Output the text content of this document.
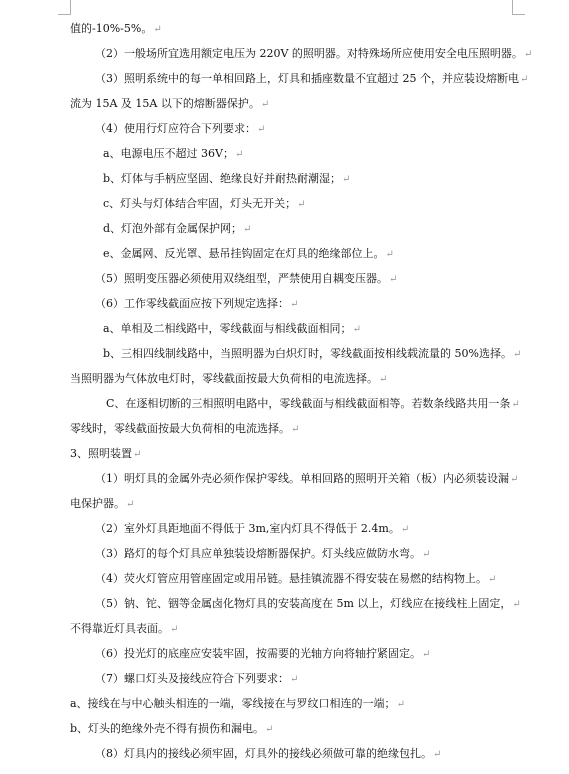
值的-10%-5%。↵
（2）一般场所宜选用额定电压为 220V 的照明器。对特殊场所应使用安全电压照明器。↵
（3）照明系统中的每一单相回路上，灯具和插座数量不宜超过 25 个，并应装设熔断电↵
流为 15A 及 15A 以下的熔断器保护。↵
（4）使用行灯应符合下列要求：↵
a、电源电压不超过 36V；↵
b、灯体与手柄应坚固、绝缘良好并耐热耐潮湿；↵
c、灯头与灯体结合牢固，灯头无开关；↵
d、灯泡外部有金属保护网；↵
e、金属网、反光罩、悬吊挂钩固定在灯具的绝缘部位上。↵
（5）照明变压器必须使用双绕组型，严禁使用自耦变压器。↵
（6）工作零线截面应按下列规定选择：↵
a、单相及二相线路中，零线截面与相线截面相同；↵
b、三相四线制线路中，当照明器为白炽灯时，零线截面按相线载流量的 50%选择。↵
当照明器为气体放电灯时，零线截面按最大负荷相的电流选择。↵
C、在逐相切断的三相照明电路中，零线截面与相线截面相等。若数条线路共用一条↵
零线时，零线截面按最大负荷相的电流选择。↵
3、照明装置↵
（1）明灯具的金属外壳必须作保护零线。单相回路的照明开关箱（板）内必须装设漏↵
电保护器。↵
（2）室外灯具距地面不得低于 3m,室内灯具不得低于 2.4m。↵
（3）路灯的每个灯具应单独装设熔断器保护。灯头线应做防水弯。↵
（4）荧火灯管应用管座固定或用吊链。悬挂镇流器不得安装在易燃的结构物上。↵
（5）钠、铊、铟等金属卤化物灯具的安装高度在 5m 以上，灯线应在接线柱上固定，↵
不得靠近灯具表面。↵
（6）投光灯的底座应安装牢固，按需要的光轴方向将轴拧紧固定。↵
（7）螺口灯头及接线应符合下列要求：↵
a、接线在与中心触头相连的一端，零线接在与罗纹口相连的一端；↵
b、灯头的绝缘外壳不得有损伤和漏电。↵
（8）灯具内的接线必须牢固，灯具外的接线必须做可靠的绝缘包扎。↵
